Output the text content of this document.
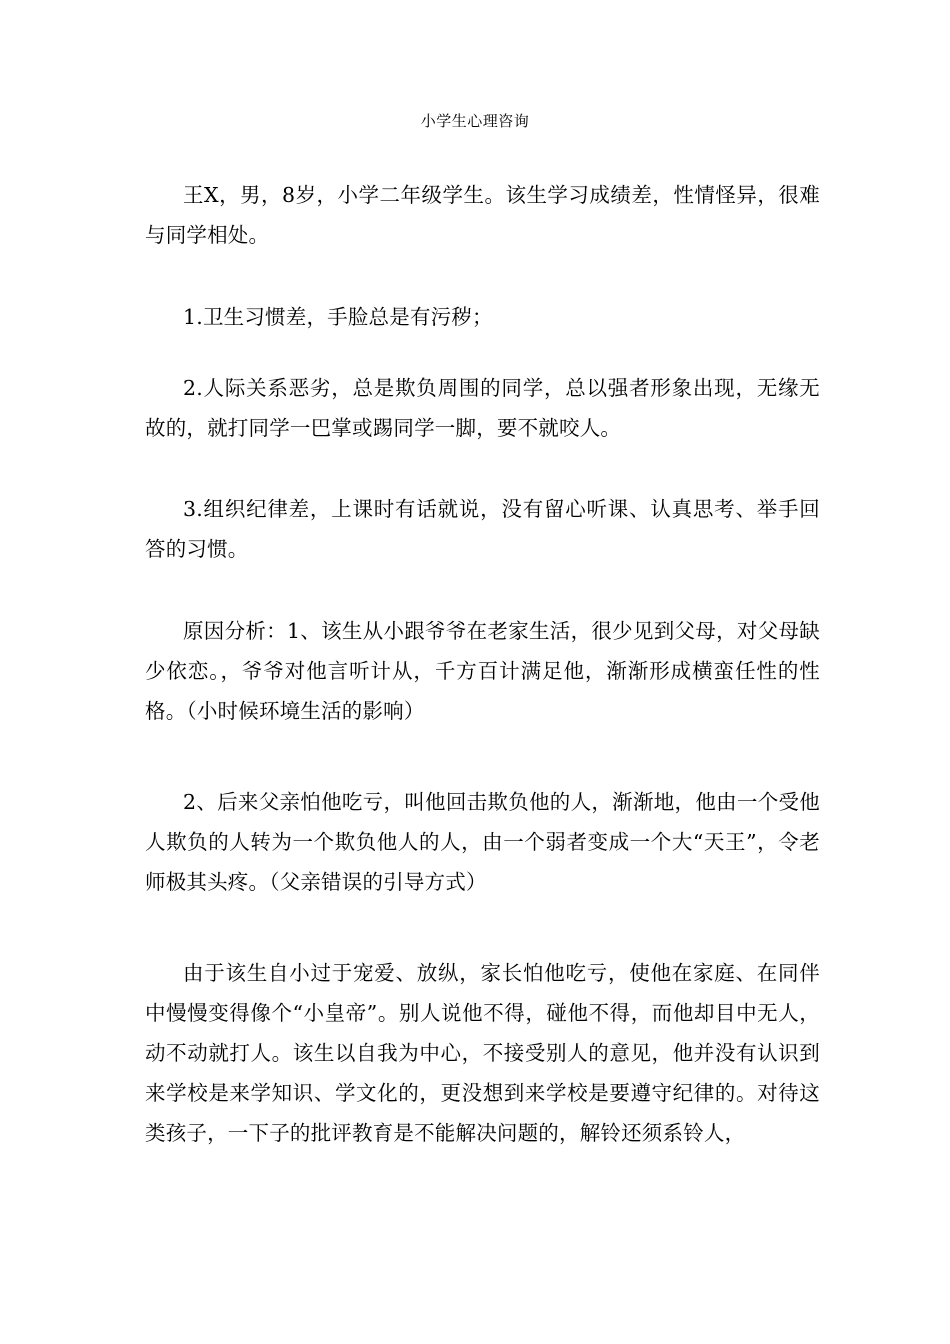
小学生心理咨询

王X，男，8岁，小学二年级学生。该生学习成绩差，性情怪异，很难与同学相处。

1.卫生习惯差，手脸总是有污秽；

2.人际关系恶劣，总是欺负周围的同学，总以强者形象出现，无缘无故的，就打同学一巴掌或踢同学一脚，要不就咬人。

3.组织纪律差，上课时有话就说，没有留心听课、认真思考、举手回答的习惯。

原因分析：1、该生从小跟爷爷在老家生活，很少见到父母，对父母缺少依恋。，爷爷对他言听计从，千方百计满足他，渐渐形成横蛮任性的性格。（小时候环境生活的影响）

2、后来父亲怕他吃亏，叫他回击欺负他的人，渐渐地，他由一个受他人欺负的人转为一个欺负他人的人，由一个弱者变成一个大“天王”，令老师极其头疼。（父亲错误的引导方式）

由于该生自小过于宠爱、放纵，家长怕他吃亏，使他在家庭、在同伴中慢慢变得像个“小皇帝”。别人说他不得，碰他不得，而他却目中无人，动不动就打人。该生以自我为中心，不接受别人的意见，他并没有认识到来学校是来学知识、学文化的，更没想到来学校是要遵守纪律的。对待这类孩子，一下子的批评教育是不能解决问题的，解铃还须系铃人，
